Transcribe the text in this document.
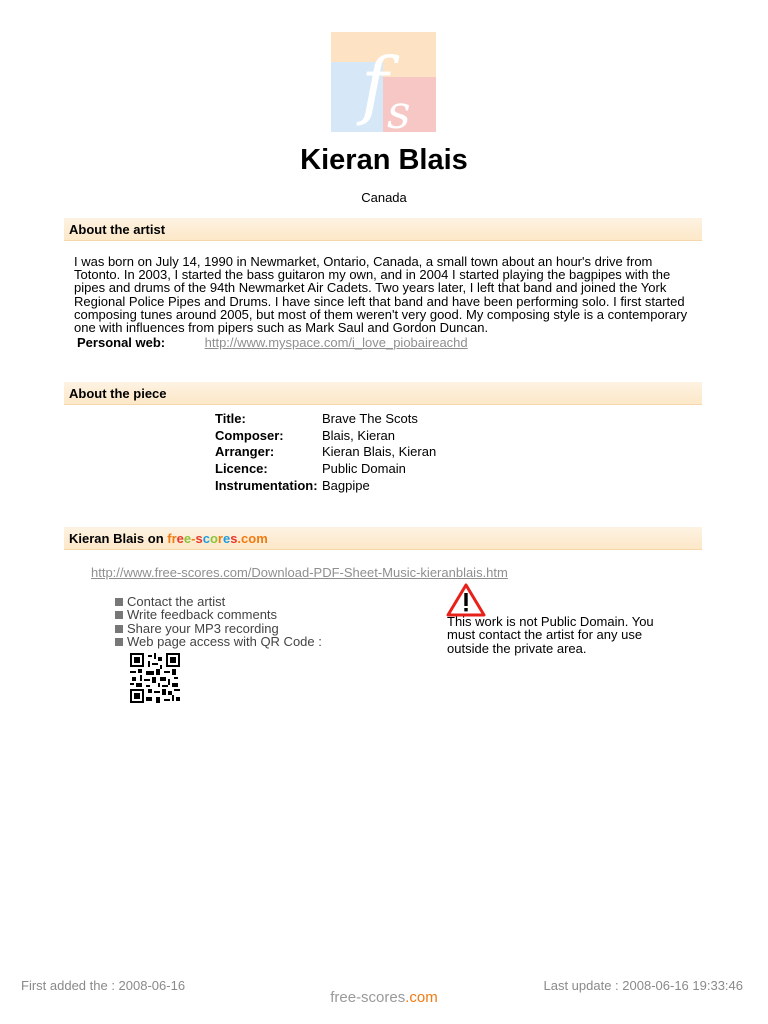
f
s
Kieran Blais
Canada
About the artist

I was born on July 14, 1990 in Newmarket, Ontario, Canada, a small town about an hour's drive from Totonto. In 2003, I started the bass guitaron my own, and in 2004 I started playing the bagpipes with the pipes and drums of the 94th Newmarket Air Cadets. Two years later, I left that band and joined the York Regional Police Pipes and Drums. I have since left that band and have been performing solo. I first started composing tunes around 2005, but most of them weren't very good. My composing style is a contemporary one with influences from pipers such as Mark Saul and Gordon Duncan.

Personal web:	http://www.myspace.com/i_love_piobaireachd
About the piece
Title:	Brave The Scots
Composer:	Blais, Kieran
Arranger:	Kieran Blais, Kieran
Licence:	Public Domain
Instrumentation:	Bagpipe
Kieran Blais on free-scores.com
http://www.free-scores.com/Download-PDF-Sheet-Music-kieranblais.htm
Contact the artist
Write feedback comments
Share your MP3 recording
Web page access with QR Code :
This work is not Public Domain. You must contact the artist for any use outside the private area.
First added the : 2008-06-16	Last update : 2008-06-16 19:33:46
free-scores.com
